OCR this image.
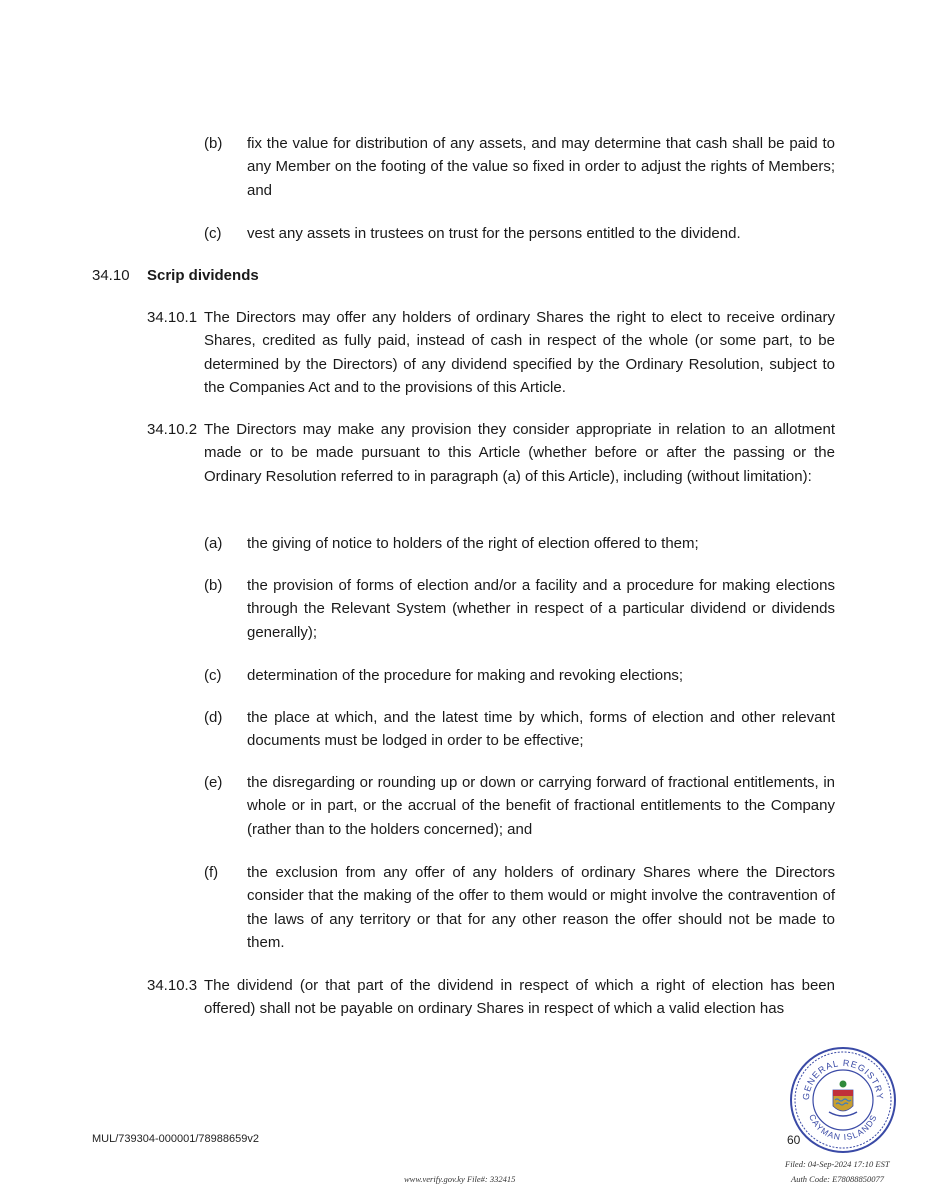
(b) fix the value for distribution of any assets, and may determine that cash shall be paid to any Member on the footing of the value so fixed in order to adjust the rights of Members; and
(c) vest any assets in trustees on trust for the persons entitled to the dividend.
34.10 Scrip dividends
34.10.1 The Directors may offer any holders of ordinary Shares the right to elect to receive ordinary Shares, credited as fully paid, instead of cash in respect of the whole (or some part, to be determined by the Directors) of any dividend specified by the Ordinary Resolution, subject to the Companies Act and to the provisions of this Article.
34.10.2 The Directors may make any provision they consider appropriate in relation to an allotment made or to be made pursuant to this Article (whether before or after the passing or the Ordinary Resolution referred to in paragraph (a) of this Article), including (without limitation):
(a) the giving of notice to holders of the right of election offered to them;
(b) the provision of forms of election and/or a facility and a procedure for making elections through the Relevant System (whether in respect of a particular dividend or dividends generally);
(c) determination of the procedure for making and revoking elections;
(d) the place at which, and the latest time by which, forms of election and other relevant documents must be lodged in order to be effective;
(e) the disregarding or rounding up or down or carrying forward of fractional entitlements, in whole or in part, or the accrual of the benefit of fractional entitlements to the Company (rather than to the holders concerned); and
(f) the exclusion from any offer of any holders of ordinary Shares where the Directors consider that the making of the offer to them would or might involve the contravention of the laws of any territory or that for any other reason the offer should not be made to them.
34.10.3 The dividend (or that part of the dividend in respect of which a right of election has been offered) shall not be payable on ordinary Shares in respect of which a valid election has
MUL/739304-000001/78988659v2	60
www.verify.gov.ky File#: 332415
Filed: 04-Sep-2024 17:10 EST
Auth Code: E78088850077
GENERAL REGISTRY
CAYMAN ISLANDS
